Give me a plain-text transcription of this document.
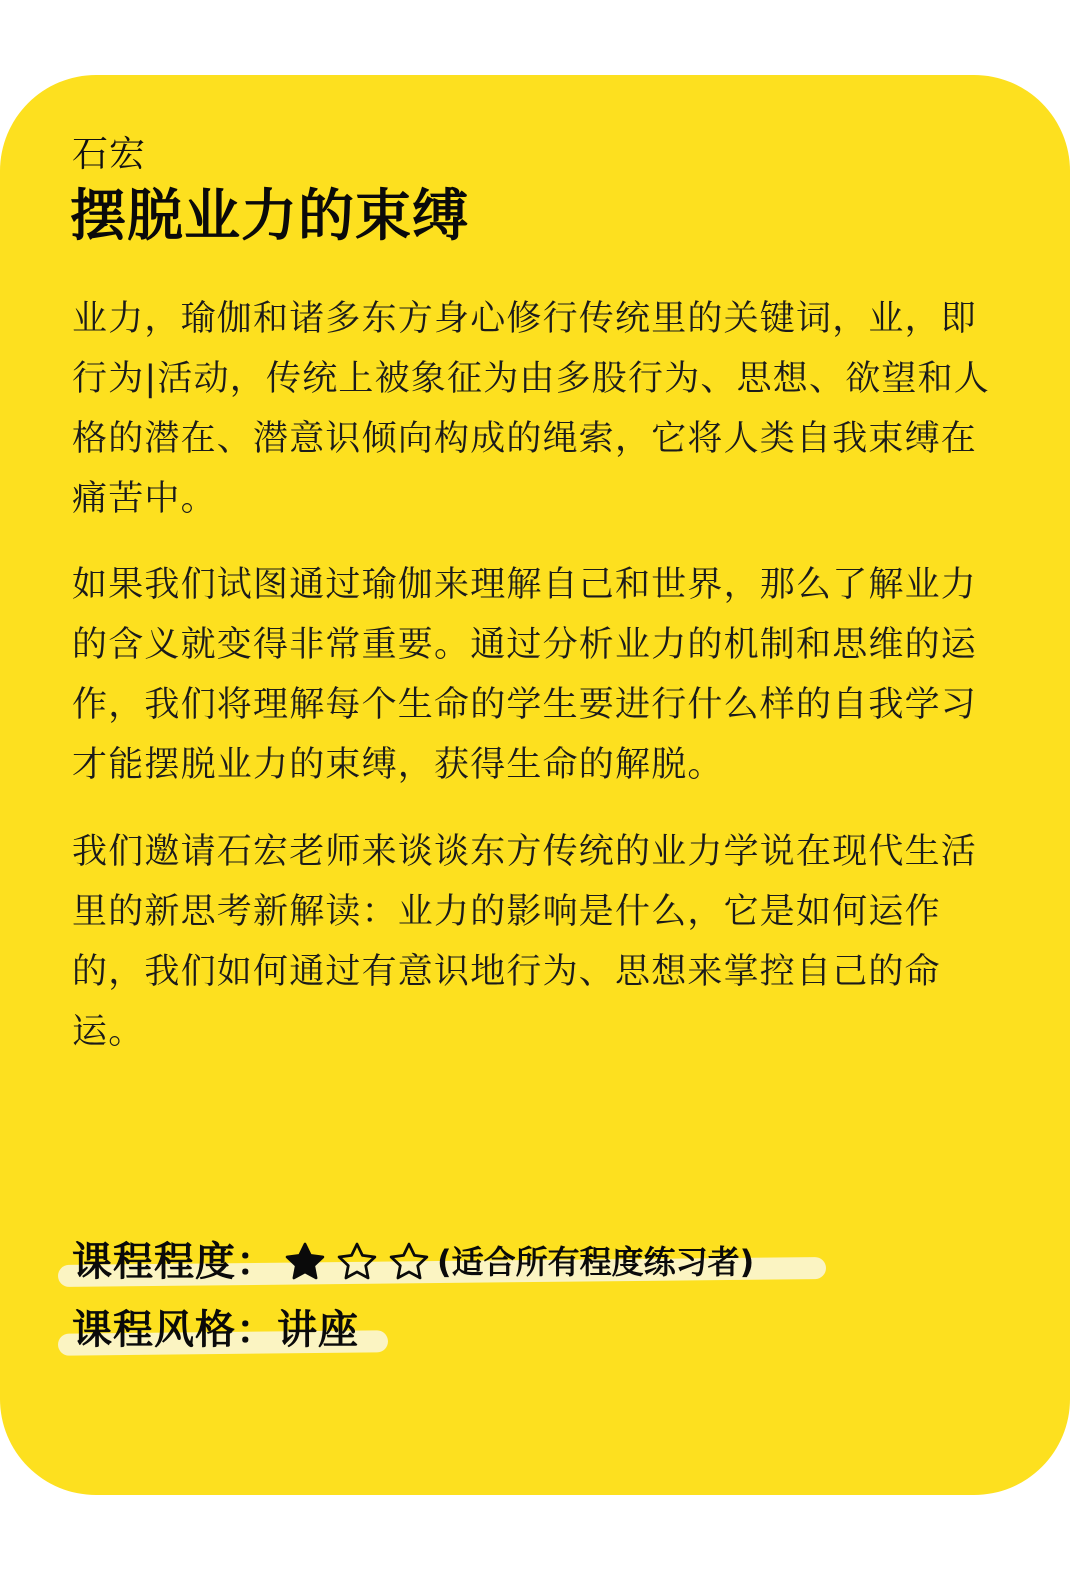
石宏
摆脱业力的束缚

业力，瑜伽和诸多东方身心修行传统里的关键词，业，即行为|活动，传统上被象征为由多股行为、思想、欲望和人格的潜在、潜意识倾向构成的绳索，它将人类自我束缚在痛苦中。

如果我们试图通过瑜伽来理解自己和世界，那么了解业力的含义就变得非常重要。通过分析业力的机制和思维的运作，我们将理解每个生命的学生要进行什么样的自我学习才能摆脱业力的束缚，获得生命的解脱。

我们邀请石宏老师来谈谈东方传统的业力学说在现代生活里的新思考新解读：业力的影响是什么，它是如何运作的，我们如何通过有意识地行为、思想来掌控自己的命运。

课程程度：	(适合所有程度练习者)
课程风格： 讲座
